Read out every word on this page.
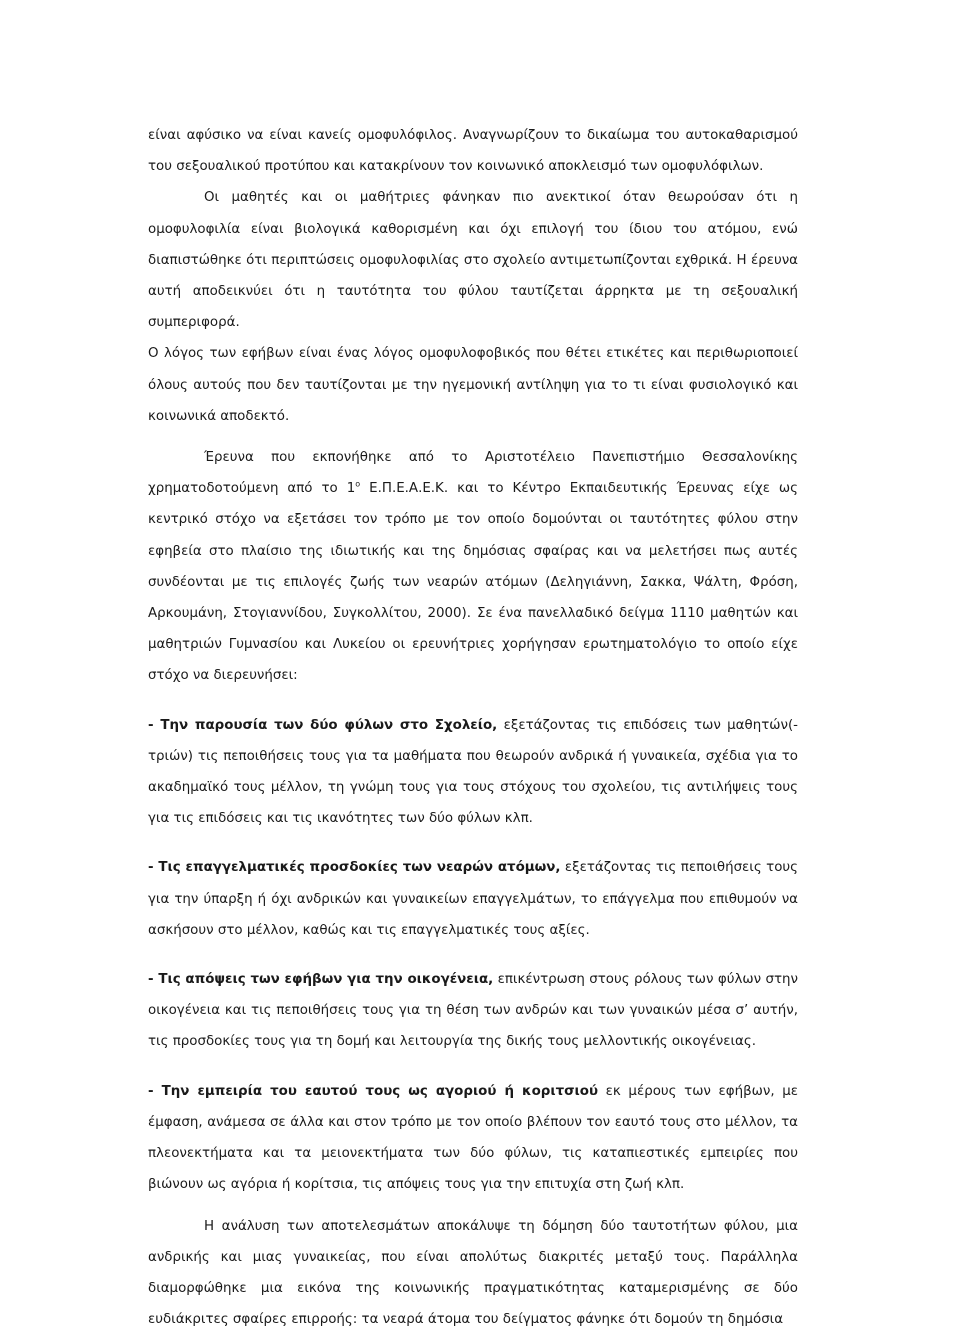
είναι αφύσικο να είναι κανείς ομοφυλόφιλος. Αναγνωρίζουν το δικαίωμα του αυτοκαθαρισμού του σεξουαλικού προτύπου και κατακρίνουν τον κοινωνικό αποκλεισμό των ομοφυλόφιλων.

Οι μαθητές και οι μαθήτριες φάνηκαν πιο ανεκτικοί όταν θεωρούσαν ότι η ομοφυλοφιλία είναι βιολογικά καθορισμένη και όχι επιλογή του ίδιου του ατόμου, ενώ διαπιστώθηκε ότι περιπτώσεις ομοφυλοφιλίας στο σχολείο αντιμετωπίζονται εχθρικά. Η έρευνα αυτή αποδεικνύει ότι η ταυτότητα του φύλου ταυτίζεται άρρηκτα με τη σεξουαλική συμπεριφορά.

Ο λόγος των εφήβων είναι ένας λόγος ομοφυλοφοβικός που θέτει ετικέτες και περιθωριοποιεί όλους αυτούς που δεν ταυτίζονται με την ηγεμονική αντίληψη για το τι είναι φυσιολογικό και κοινωνικά αποδεκτό.

Έρευνα που εκπονήθηκε από το Αριστοτέλειο Πανεπιστήμιο Θεσσαλονίκης χρηματοδοτούμενη από το $1^o$ Ε.Π.Ε.Α.Ε.Κ. και το Κέντρο Εκπαιδευτικής Έρευνας είχε ως κεντρικό στόχο να εξετάσει τον τρόπο με τον οποίο δομούνται οι ταυτότητες φύλου στην εφηβεία στο πλαίσιο της ιδιωτικής και της δημόσιας σφαίρας και να μελετήσει πως αυτές συνδέονται με τις επιλογές ζωής των νεαρών ατόμων (Δεληγιάννη, Σακκα, Ψάλτη, Φρόση, Αρκουμάνη, Στογιαννίδου, Συγκολλίτου, 2000). Σε ένα πανελλαδικό δείγμα 1110 μαθητών και μαθητριών Γυμνασίου και Λυκείου οι ερευνήτριες χορήγησαν ερωτηματολόγιο το οποίο είχε στόχο να διερευνήσει:

- Την παρουσία των δύο φύλων στο Σχολείο, εξετάζοντας τις επιδόσεις των μαθητών(-τριών) τις πεποιθήσεις τους για τα μαθήματα που θεωρούν ανδρικά ή γυναικεία, σχέδια για το ακαδημαϊκό τους μέλλον, τη γνώμη τους για τους στόχους του σχολείου, τις αντιλήψεις τους για τις επιδόσεις και τις ικανότητες των δύο φύλων κλπ.

- Τις επαγγελματικές προσδοκίες των νεαρών ατόμων, εξετάζοντας τις πεποιθήσεις τους για την ύπαρξη ή όχι ανδρικών και γυναικείων επαγγελμάτων, το επάγγελμα που επιθυμούν να ασκήσουν στο μέλλον, καθώς και τις επαγγελματικές τους αξίες.

- Τις απόψεις των εφήβων για την οικογένεια, επικέντρωση στους ρόλους των φύλων στην οικογένεια και τις πεποιθήσεις τους για τη θέση των ανδρών και των γυναικών μέσα σ’ αυτήν, τις προσδοκίες τους για τη δομή και λειτουργία της δικής τους μελλοντικής οικογένειας.

- Την εμπειρία του εαυτού τους ως αγοριού ή κοριτσιού εκ μέρους των εφήβων, με έμφαση, ανάμεσα σε άλλα και στον τρόπο με τον οποίο βλέπουν τον εαυτό τους στο μέλλον, τα πλεονεκτήματα και τα μειονεκτήματα των δύο φύλων, τις καταπιεστικές εμπειρίες που βιώνουν ως αγόρια ή κορίτσια, τις απόψεις τους για την επιτυχία στη ζωή κλπ.

Η ανάλυση των αποτελεσμάτων αποκάλυψε τη δόμηση δύο ταυτοτήτων φύλου, μια ανδρικής και μιας γυναικείας, που είναι απολύτως διακριτές μεταξύ τους. Παράλληλα διαμορφώθηκε μια εικόνα της κοινωνικής πραγματικότητας καταμερισμένης σε δύο ευδιάκριτες σφαίρες επιρροής: τα νεαρά άτομα του δείγματος φάνηκε ότι δομούν τη δημόσια
